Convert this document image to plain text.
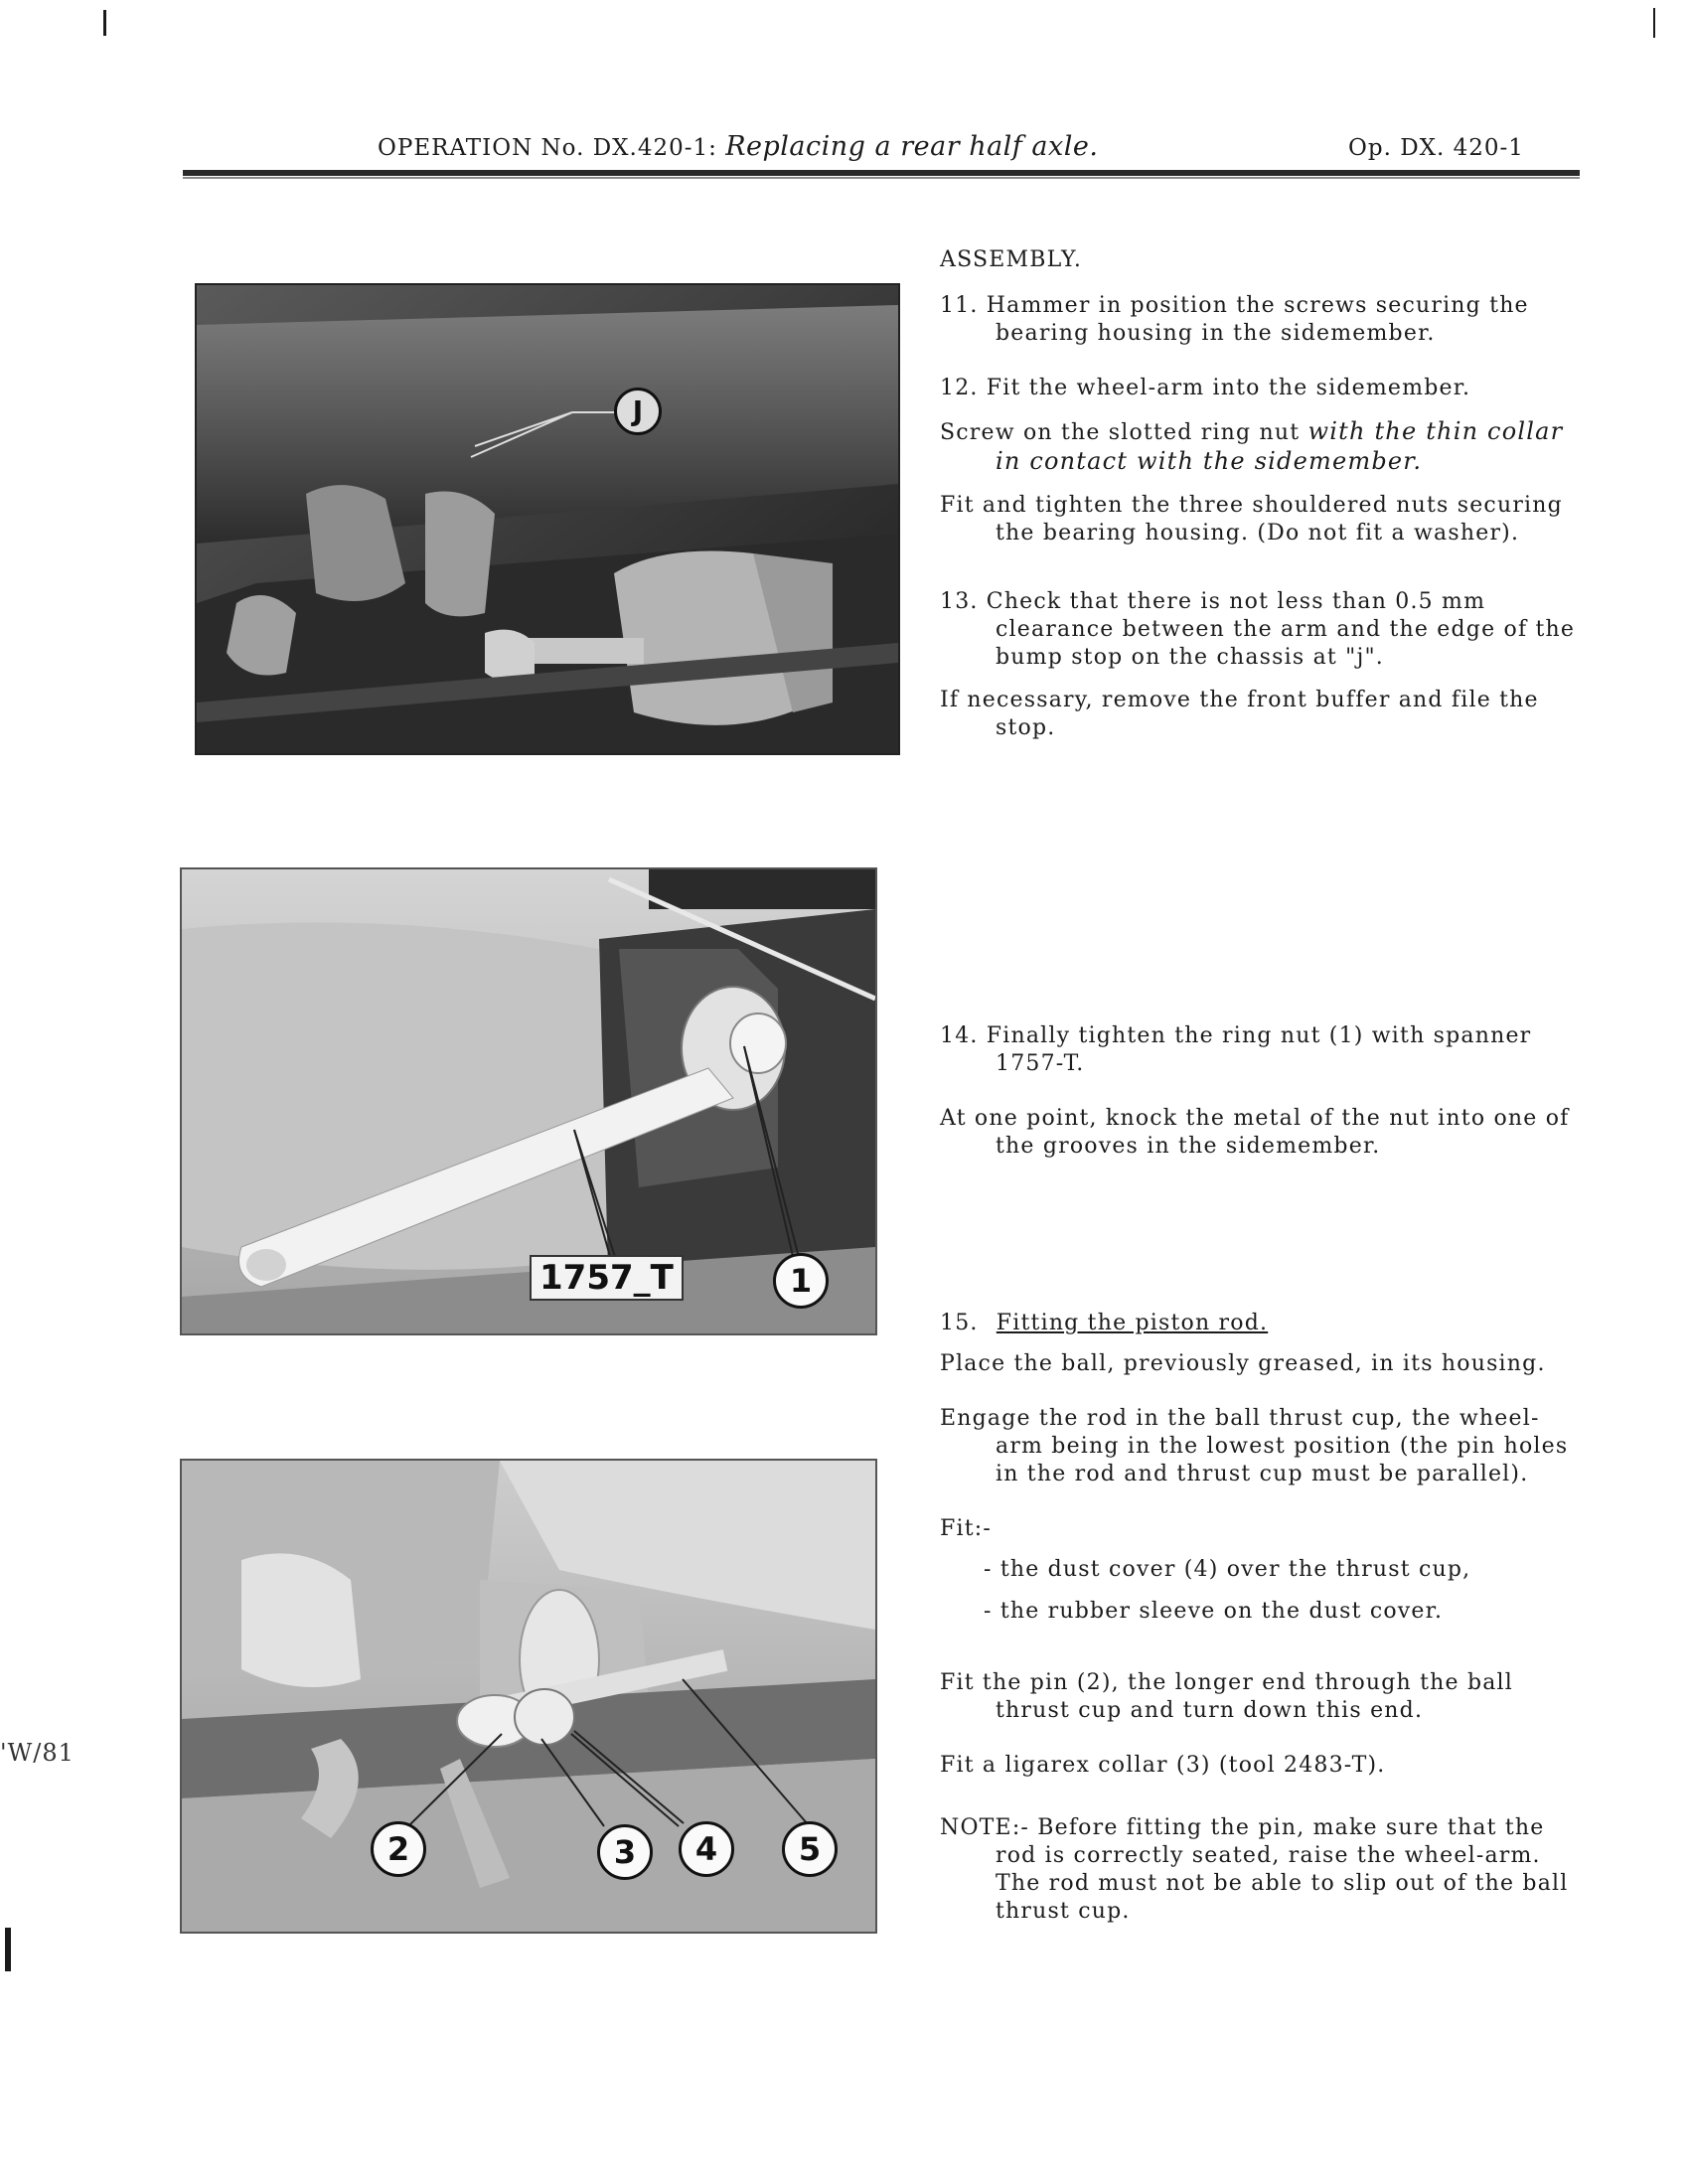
OPERATION No. DX.420-1: Replacing a rear half axle.	Op. DX. 420-1
J

ASSEMBLY.

11. Hammer in position the screws securing the bearing housing in the sidemember.

12. Fit the wheel-arm into the sidemember.

Screw on the slotted ring nut with the thin collar in contact with the sidemember.

Fit and tighten the three shouldered nuts securing the bearing housing. (Do not fit a washer).

13. Check that there is not less than 0.5 mm clearance between the arm and the edge of the bump stop on the chassis at "j".

If necessary, remove the front buffer and file the stop.

1757_T	1

14. Finally tighten the ring nut (1) with spanner 1757-T.

At one point, knock the metal of the nut into one of the grooves in the sidemember.

15. Fitting the piston rod.

Place the ball, previously greased, in its housing.

Engage the rod in the ball thrust cup, the wheel-arm being in the lowest position (the pin holes in the rod and thrust cup must be parallel).

Fit:-

- the dust cover (4) over the thrust cup,

- the rubber sleeve on the dust cover.

Fit the pin (2), the longer end through the ball thrust cup and turn down this end.

Fit a ligarex collar (3) (tool 2483-T).

NOTE:- Before fitting the pin, make sure that the rod is correctly seated, raise the wheel-arm. The rod must not be able to slip out of the ball thrust cup.

2	3	4	5
'W/81
